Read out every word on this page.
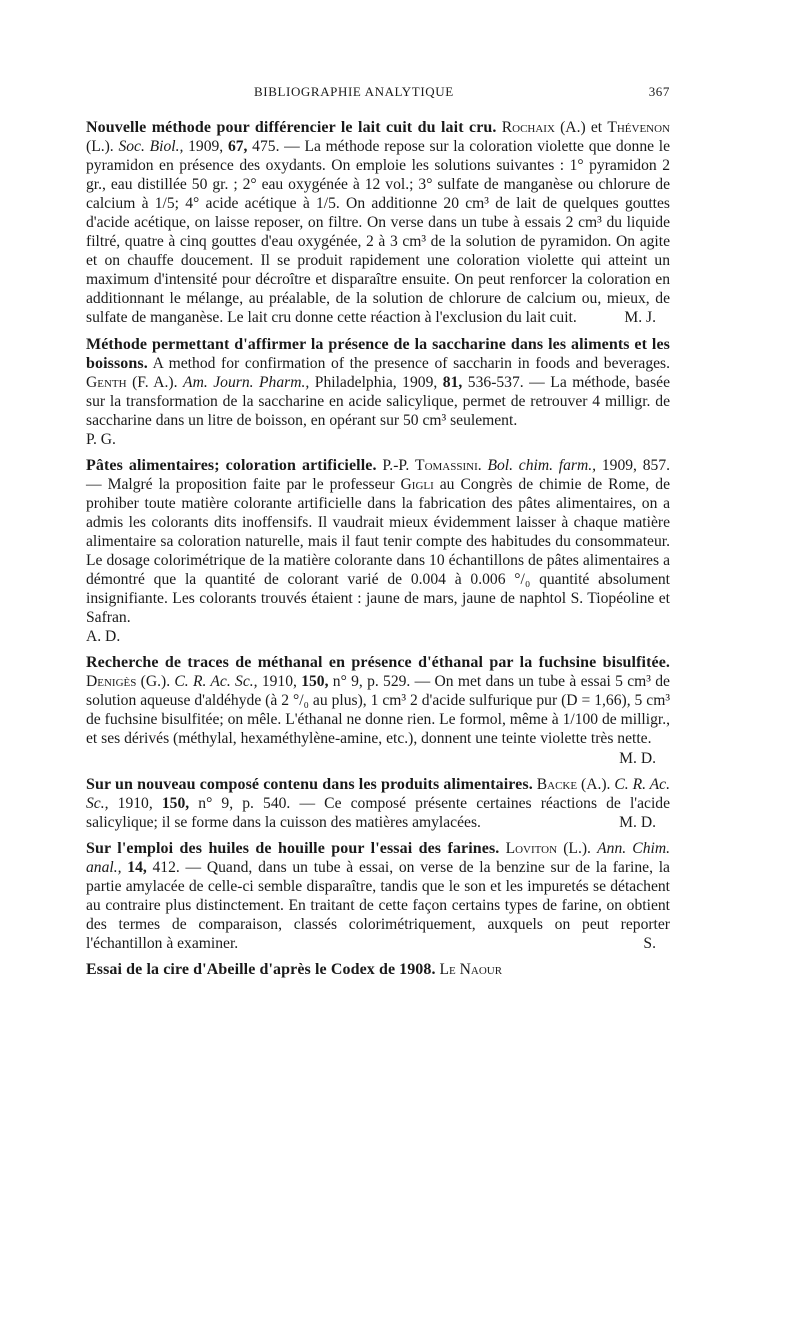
BIBLIOGRAPHIE ANALYTIQUE	367

Nouvelle méthode pour différencier le lait cuit du lait cru. Rochaix (A.) et Thévenon (L.). Soc. Biol., 1909, 67, 475. — La méthode repose sur la coloration violette que donne le pyramidon en présence des oxydants. On emploie les solutions suivantes : 1° pyramidon 2 gr., eau distillée 50 gr. ; 2° eau oxygénée à 12 vol.; 3° sulfate de manganèse ou chlorure de calcium à 1/5; 4° acide acétique à 1/5. On additionne 20 cm³ de lait de quelques gouttes d'acide acétique, on laisse reposer, on filtre. On verse dans un tube à essais 2 cm³ du liquide filtré, quatre à cinq gouttes d'eau oxygénée, 2 à 3 cm³ de la solution de pyramidon. On agite et on chauffe doucement. Il se produit rapidement une coloration violette qui atteint un maximum d'intensité pour décroître et disparaître ensuite. On peut renforcer la coloration en additionnant le mélange, au préalable, de la solution de chlorure de calcium ou, mieux, de sulfate de manganèse. Le lait cru donne cette réaction à l'exclusion du lait cuit.	M. J.

Méthode permettant d'affirmer la présence de la saccharine dans les aliments et les boissons. A method for confirmation of the presence of saccharin in foods and beverages. Genth (F. A.). Am. Journ. Pharm., Philadelphia, 1909, 81, 536-537. — La méthode, basée sur la transformation de la saccharine en acide salicylique, permet de retrouver 4 milligr. de saccharine dans un litre de boisson, en opérant sur 50 cm³ seulement.

P. G.

Pâtes alimentaires; coloration artificielle. P.-P. Tomassini. Bol. chim. farm., 1909, 857. — Malgré la proposition faite par le professeur Gigli au Congrès de chimie de Rome, de prohiber toute matière colorante artificielle dans la fabrication des pâtes alimentaires, on a admis les colorants dits inoffensifs. Il vaudrait mieux évidemment laisser à chaque matière alimentaire sa coloration naturelle, mais il faut tenir compte des habitudes du consommateur. Le dosage colorimétrique de la matière colorante dans 10 échantillons de pâtes alimentaires a démontré que la quantité de colorant varié de 0.004 à 0.006 °/₀ quantité absolument insignifiante. Les colorants trouvés étaient : jaune de mars, jaune de naphtol S. Tiopéoline et Safran.

A. D.

Recherche de traces de méthanal en présence d'éthanal par la fuchsine bisulfitée. Denigès (G.). C. R. Ac. Sc., 1910, 150, n° 9, p. 529. — On met dans un tube à essai 5 cm³ de solution aqueuse d'aldéhyde (à 2 °/₀ au plus), 1 cm³ 2 d'acide sulfurique pur (D = 1,66), 5 cm³ de fuchsine bisulfitée; on mêle. L'éthanal ne donne rien. Le formol, même à 1/100 de milligr., et ses dérivés (méthylal, hexaméthylène-amine, etc.), donnent une teinte violette très nette.
M. D.

Sur un nouveau composé contenu dans les produits alimentaires. Backe (A.). C. R. Ac. Sc., 1910, 150, n° 9, p. 540. — Ce composé présente certaines réactions de l'acide salicylique; il se forme dans la cuisson des matières amylacées.	M. D.

Sur l'emploi des huiles de houille pour l'essai des farines. Loviton (L.). Ann. Chim. anal., 14, 412. — Quand, dans un tube à essai, on verse de la benzine sur de la farine, la partie amylacée de celle-ci semble disparaître, tandis que le son et les impuretés se détachent au contraire plus distinctement. En traitant de cette façon certains types de farine, on obtient des termes de comparaison, classés colorimétriquement, auxquels on peut reporter l'échantillon à examiner.	S.

Essai de la cire d'Abeille d'après le Codex de 1908. Le Naour
